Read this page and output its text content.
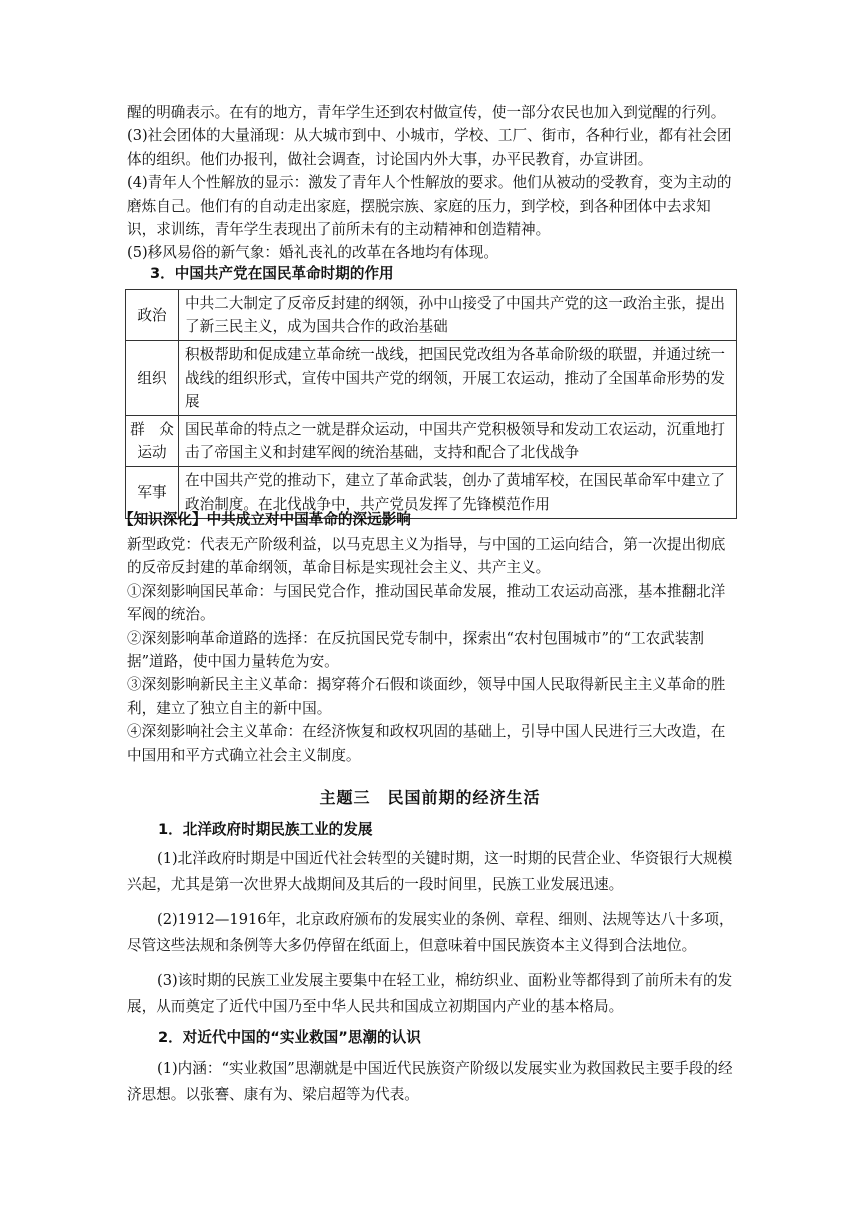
醒的明确表示。在有的地方，青年学生还到农村做宣传，使一部分农民也加入到觉醒的行列。
(3)社会团体的大量涌现：从大城市到中、小城市，学校、工厂、街市，各种行业，都有社会团体的组织。他们办报刊，做社会调查，讨论国内外大事，办平民教育，办宣讲团。
(4)青年人个性解放的显示：激发了青年人个性解放的要求。他们从被动的受教育，变为主动的磨炼自己。他们有的自动走出家庭，摆脱宗族、家庭的压力，到学校，到各种团体中去求知识，求训练，青年学生表现出了前所未有的主动精神和创造精神。
(5)移风易俗的新气象：婚礼丧礼的改革在各地均有体现。
3．中国共产党在国民革命时期的作用
政治	中共二大制定了反帝反封建的纲领，孙中山接受了中国共产党的这一政治主张，提出了新三民主义，成为国共合作的政治基础
组织	积极帮助和促成建立革命统一战线，把国民党改组为各革命阶级的联盟，并通过统一战线的组织形式，宣传中国共产党的纲领，开展工农运动，推动了全国革命形势的发展
群　众运动	国民革命的特点之一就是群众运动，中国共产党积极领导和发动工农运动，沉重地打击了帝国主义和封建军阀的统治基础，支持和配合了北伐战争
军事	在中国共产党的推动下，建立了革命武装，创办了黄埔军校，在国民革命军中建立了政治制度。在北伐战争中，共产党员发挥了先锋模范作用
【知识深化】中共成立对中国革命的深远影响
新型政党：代表无产阶级利益，以马克思主义为指导，与中国的工运向结合，第一次提出彻底的反帝反封建的革命纲领，革命目标是实现社会主义、共产主义。
①深刻影响国民革命：与国民党合作，推动国民革命发展，推动工农运动高涨，基本推翻北洋军阀的统治。
②深刻影响革命道路的选择：在反抗国民党专制中，探索出“农村包围城市”的“工农武装割据”道路，使中国力量转危为安。
③深刻影响新民主主义革命：揭穿蒋介石假和谈面纱，领导中国人民取得新民主主义革命的胜利，建立了独立自主的新中国。
④深刻影响社会主义革命：在经济恢复和政权巩固的基础上，引导中国人民进行三大改造，在中国用和平方式确立社会主义制度。
主题三　民国前期的经济生活
1．北洋政府时期民族工业的发展
(1)北洋政府时期是中国近代社会转型的关键时期，这一时期的民营企业、华资银行大规模兴起，尤其是第一次世界大战期间及其后的一段时间里，民族工业发展迅速。
(2)1912—1916年，北京政府颁布的发展实业的条例、章程、细则、法规等达八十多项，尽管这些法规和条例等大多仍停留在纸面上，但意味着中国民族资本主义得到合法地位。
(3)该时期的民族工业发展主要集中在轻工业，棉纺织业、面粉业等都得到了前所未有的发展，从而奠定了近代中国乃至中华人民共和国成立初期国内产业的基本格局。
2．对近代中国的“实业救国”思潮的认识
(1)内涵：“实业救国”思潮就是中国近代民族资产阶级以发展实业为救国救民主要手段的经济思想。以张謇、康有为、梁启超等为代表。
